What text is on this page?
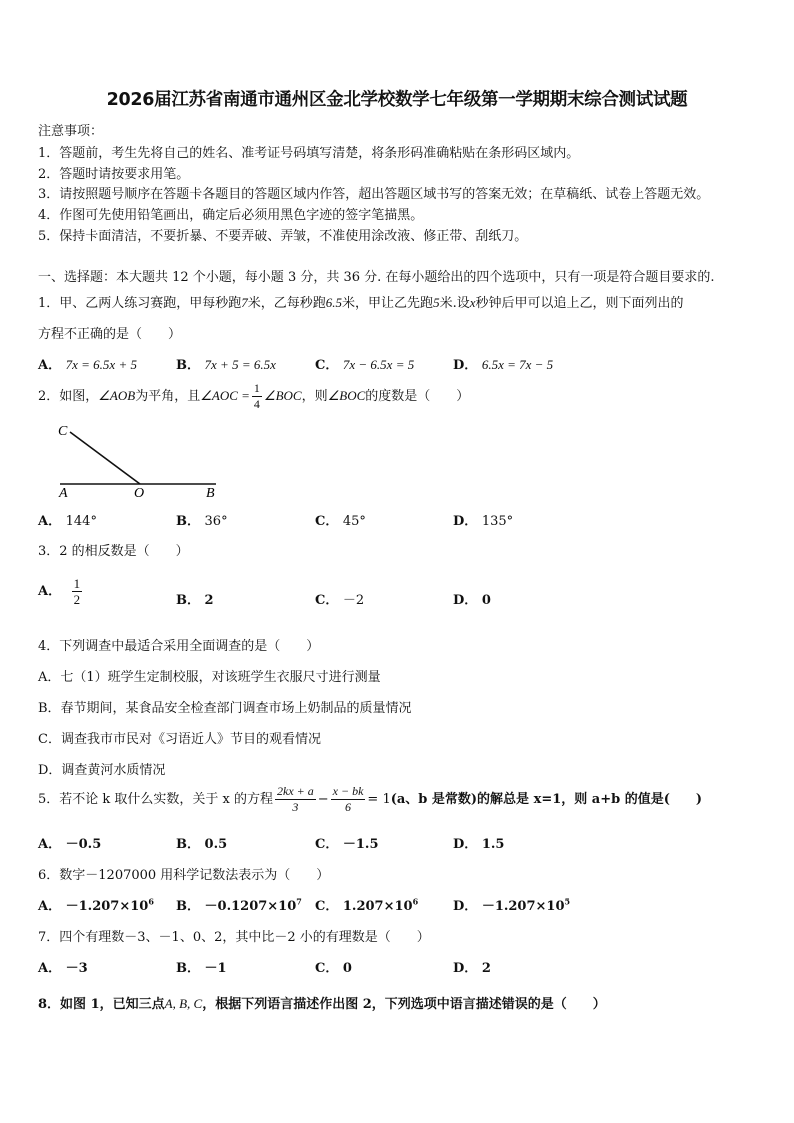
2026届江苏省南通市通州区金北学校数学七年级第一学期期末综合测试试题
注意事项：
1．答题前，考生先将自己的姓名、准考证号码填写清楚，将条形码准确粘贴在条形码区域内。
2．答题时请按要求用笔。
3．请按照题号顺序在答题卡各题目的答题区域内作答，超出答题区域书写的答案无效；在草稿纸、试卷上答题无效。
4．作图可先使用铅笔画出，确定后必须用黑色字迹的签字笔描黑。
5．保持卡面清洁，不要折暴、不要弄破、弄皱，不准使用涂改液、修正带、刮纸刀。
一、选择题：本大题共 12 个小题，每小题 3 分，共 36 分. 在每小题给出的四个选项中，只有一项是符合题目要求的.
1．甲、乙两人练习赛跑，甲每秒跑7米，乙每秒跑6.5米，甲让乙先跑5米.设x秒钟后甲可以追上乙，则下面列出的
方程不正确的是（　　）
A． 7x = 6.5x + 5	B． 7x + 5 = 6.5x	C． 7x − 6.5x = 5	D． 6.5x = 7x − 5
2．如图，∠AOB为平角，且∠AOC = $\frac{1}{4}$ ∠BOC，则∠BOC的度数是（　　）
C
A	O	B
A． 144°	B． 36°	C． 45°	D． 135°
3．2 的相反数是（　　）
A． $\frac{1}{2}$	B． 2	C． －2	D． 0
4．下列调查中最适合采用全面调查的是（　　）
A．七（1）班学生定制校服，对该班学生衣服尺寸进行测量
B．春节期间，某食品安全检查部门调查市场上奶制品的质量情况
C．调查我市市民对《习语近人》节目的观看情况
D．调查黄河水质情况
5．若不论 k 取什么实数，关于 x 的方程 $\frac{2kx + a}{3} - \frac{x - bk}{6} = 1(a$、b 是常数)的解总是 x=1，则 a+b 的值是(　　)
A． －0.5	B． 0.5	C． －1.5	D． 1.5
6．数字－1207000 用科学记数法表示为（　　）
A． $-1.207\times 10^6$ B． $-0.1207\times 10^7$ C． $1.207\times 10^6$	D． $-1.207\times 10^5$
7．四个有理数－3、－1、0、2，其中比－2 小的有理数是（　　）
A． －3	B． －1	C． 0	D． 2
8．如图 1，已知三点A, B, C，根据下列语言描述作出图 2，下列选项中语言描述错误的是（　　）
